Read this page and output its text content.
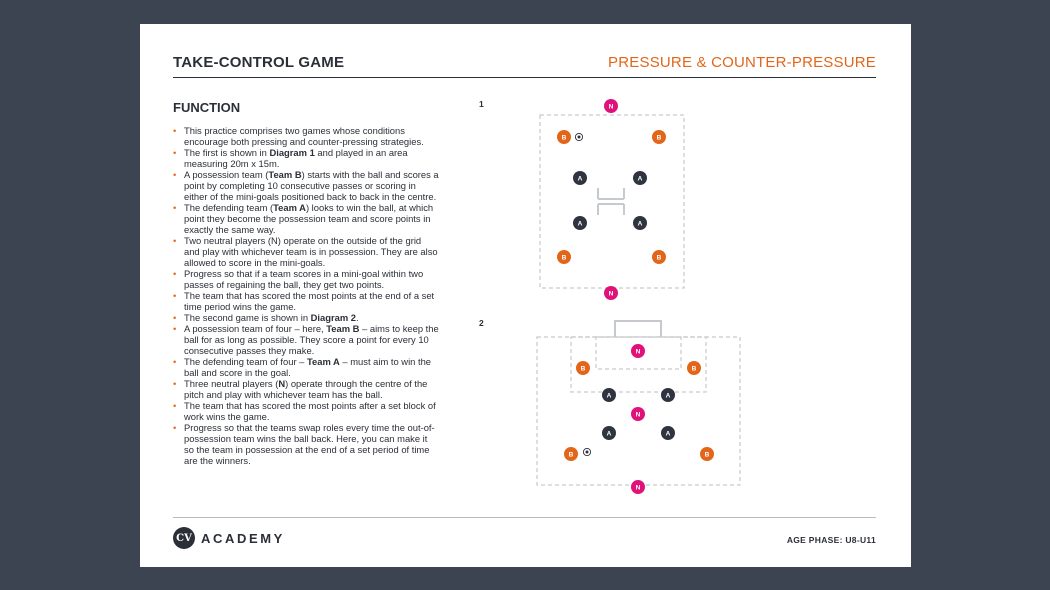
TAKE-CONTROL GAME	PRESSURE & COUNTER-PRESSURE
FUNCTION
• This practice comprises two games whose conditions encourage both pressing and counter-pressing strategies.
• The first is shown in Diagram 1 and played in an area measuring 20m x 15m.
• A possession team (Team B) starts with the ball and scores a point by completing 10 consecutive passes or scoring in either of the mini-goals positioned back to back in the centre.
• The defending team (Team A) looks to win the ball, at which point they become the possession team and score points in exactly the same way.
• Two neutral players (N) operate on the outside of the grid and play with whichever team is in possession. They are also allowed to score in the mini-goals.
• Progress so that if a team scores in a mini-goal within two passes of regaining the ball, they get two points.
• The team that has scored the most points at the end of a set time period wins the game.
• The second game is shown in Diagram 2.
• A possession team of four – here, Team B – aims to keep the ball for as long as possible. They score a point for every 10 consecutive passes they make.
• The defending team of four – Team A – must aim to win the ball and score in the goal.
• Three neutral players (N) operate through the centre of the pitch and play with whichever team has the ball.
• The team that has scored the most points after a set block of work wins the game.
• Progress so that the teams swap roles every time the out-of-possession team wins the ball back. Here, you can make it so the team in possession at the end of a set period of time are the winners.
1
2
N
B	B
A	A
A	A
B	B
N
N
B	B
A	A
N
A	A
B	B
N
CV ACADEMY	AGE PHASE: U8-U11
